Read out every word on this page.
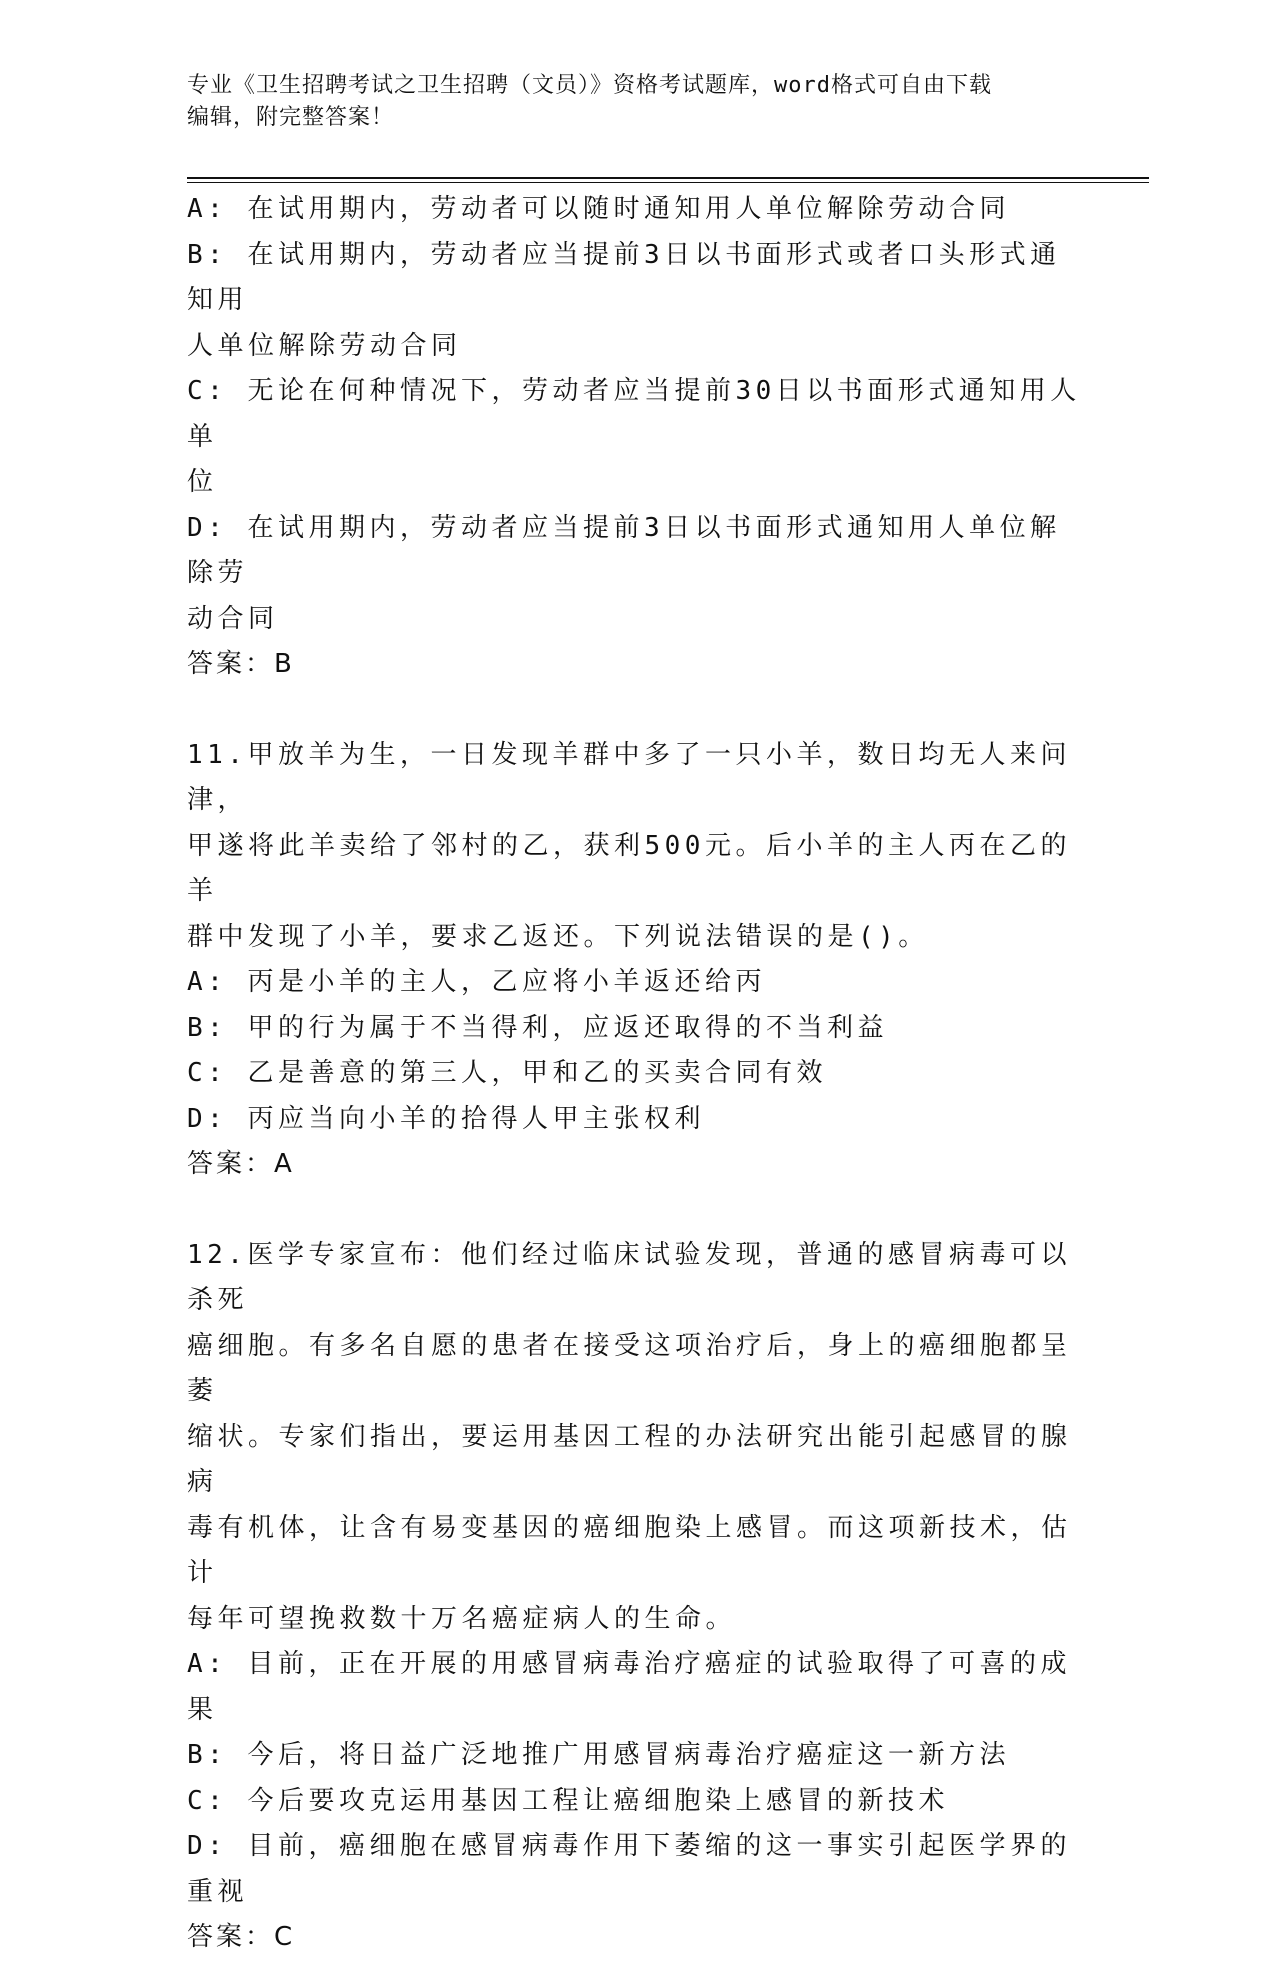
专业《卫生招聘考试之卫生招聘（文员）》资格考试题库，word格式可自由下载
编辑，附完整答案！
A: 在试用期内，劳动者可以随时通知用人单位解除劳动合同
B: 在试用期内，劳动者应当提前3日以书面形式或者口头形式通知用
人单位解除劳动合同
C: 无论在何种情况下，劳动者应当提前30日以书面形式通知用人单
位
D: 在试用期内，劳动者应当提前3日以书面形式通知用人单位解除劳
动合同
答案：B
11.甲放羊为生，一日发现羊群中多了一只小羊，数日均无人来问津，
甲遂将此羊卖给了邻村的乙，获利500元。后小羊的主人丙在乙的羊
群中发现了小羊，要求乙返还。下列说法错误的是()。
A: 丙是小羊的主人，乙应将小羊返还给丙
B: 甲的行为属于不当得利，应返还取得的不当利益
C: 乙是善意的第三人，甲和乙的买卖合同有效
D: 丙应当向小羊的拾得人甲主张权利
答案：A
12.医学专家宣布：他们经过临床试验发现，普通的感冒病毒可以杀死
癌细胞。有多名自愿的患者在接受这项治疗后，身上的癌细胞都呈萎
缩状。专家们指出，要运用基因工程的办法研究出能引起感冒的腺病
毒有机体，让含有易变基因的癌细胞染上感冒。而这项新技术，估计
每年可望挽救数十万名癌症病人的生命。
A: 目前，正在开展的用感冒病毒治疗癌症的试验取得了可喜的成果
B: 今后，将日益广泛地推广用感冒病毒治疗癌症这一新方法
C: 今后要攻克运用基因工程让癌细胞染上感冒的新技术
D: 目前，癌细胞在感冒病毒作用下萎缩的这一事实引起医学界的重视
答案：C
